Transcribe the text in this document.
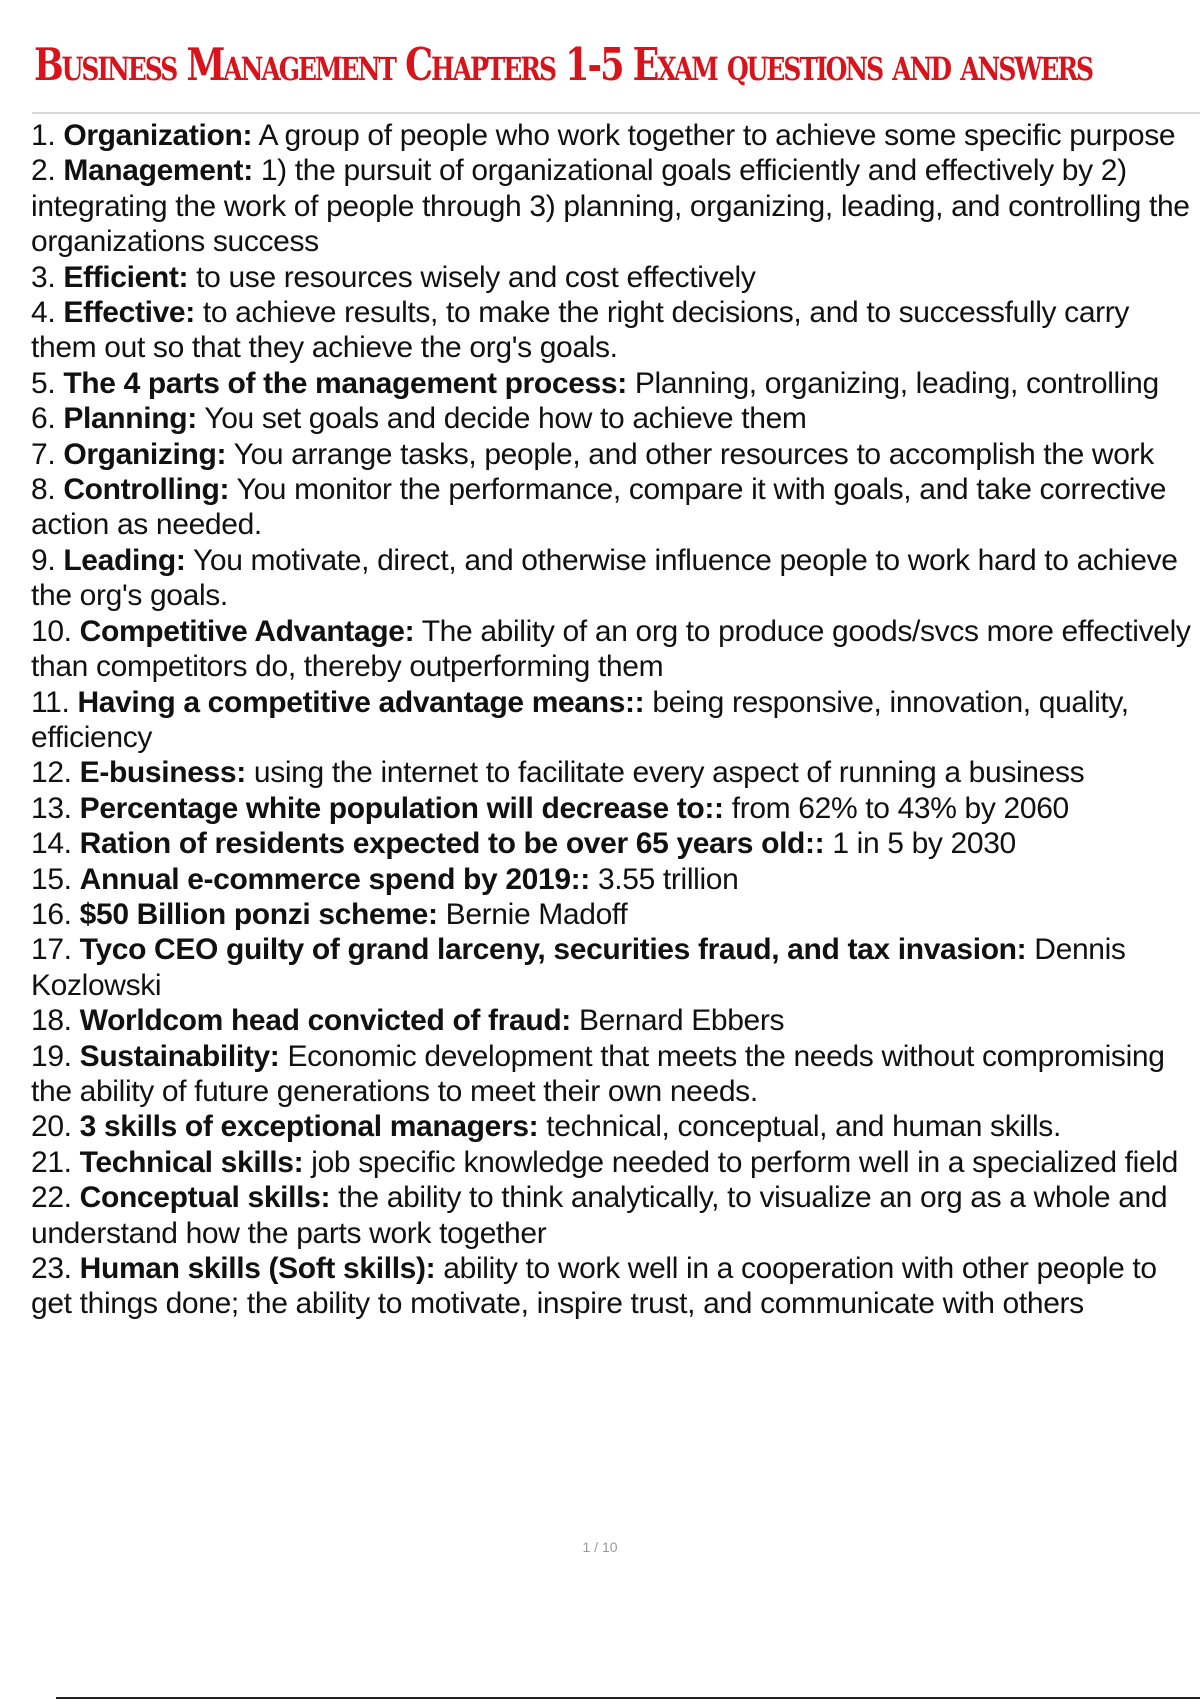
Business Management Chapters 1-5 Exam questions and answers
1. Organization: A group of people who work together to achieve some specific purpose
2. Management: 1) the pursuit of organizational goals efficiently and effectively by 2) integrating the work of people through 3) planning, organizing, leading, and controlling the organizations success
3. Efficient: to use resources wisely and cost effectively
4. Effective: to achieve results, to make the right decisions, and to successfully carry them out so that they achieve the org's goals.
5. The 4 parts of the management process: Planning, organizing, leading, controlling
6. Planning: You set goals and decide how to achieve them
7. Organizing: You arrange tasks, people, and other resources to accomplish the work
8. Controlling: You monitor the performance, compare it with goals, and take corrective action as needed.
9. Leading: You motivate, direct, and otherwise influence people to work hard to achieve the org's goals.
10. Competitive Advantage: The ability of an org to produce goods/svcs more effectively than competitors do, thereby outperforming them
11. Having a competitive advantage means:: being responsive, innovation, quality, efficiency
12. E-business: using the internet to facilitate every aspect of running a business
13. Percentage white population will decrease to:: from 62% to 43% by 2060
14. Ration of residents expected to be over 65 years old:: 1 in 5 by 2030
15. Annual e-commerce spend by 2019:: 3.55 trillion
16. $50 Billion ponzi scheme: Bernie Madoff
17. Tyco CEO guilty of grand larceny, securities fraud, and tax invasion: Dennis Kozlowski
18. Worldcom head convicted of fraud: Bernard Ebbers
19. Sustainability: Economic development that meets the needs without compromising the ability of future generations to meet their own needs.
20. 3 skills of exceptional managers: technical, conceptual, and human skills.
21. Technical skills: job specific knowledge needed to perform well in a specialized field
22. Conceptual skills: the ability to think analytically, to visualize an org as a whole and understand how the parts work together
23. Human skills (Soft skills): ability to work well in a cooperation with other people to get things done; the ability to motivate, inspire trust, and communicate with others
1 / 10
